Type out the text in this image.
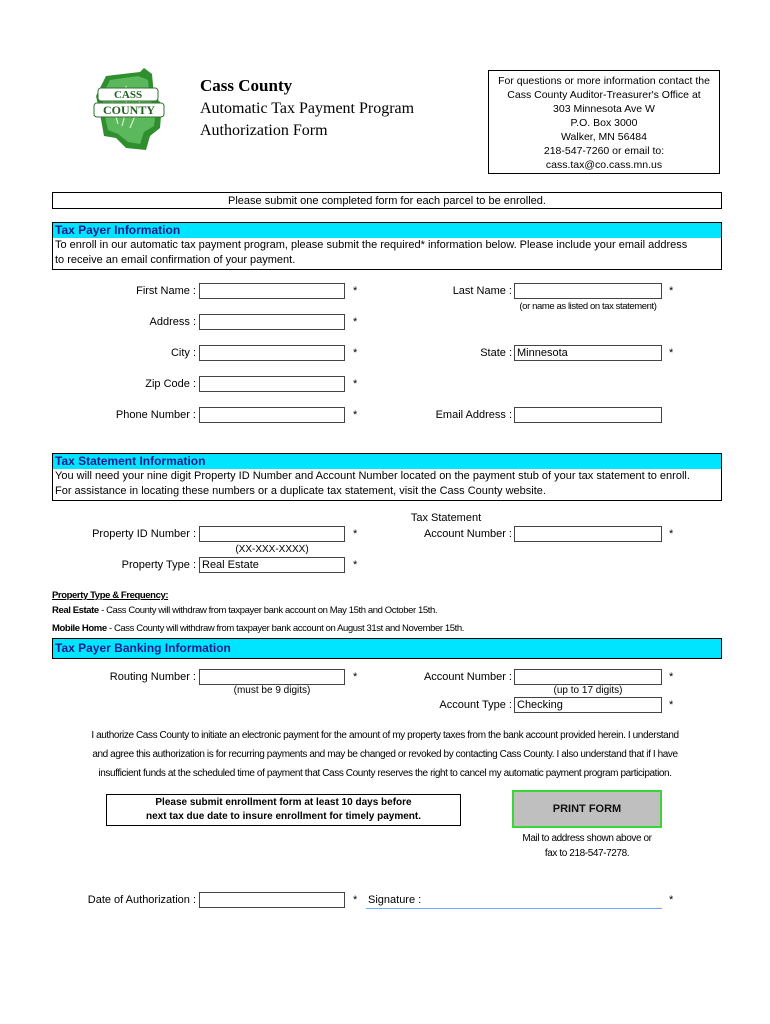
CASS
COUNTY
Cass County
Automatic Tax Payment Program
Authorization Form
For questions or more information contact the
Cass County Auditor-Treasurer's Office at
303 Minnesota Ave W
P.O. Box 3000
Walker, MN 56484
218-547-7260 or email to:
cass.tax@co.cass.mn.us
Please submit one completed form for each parcel to be enrolled.
Tax Payer Information
To enroll in our automatic tax payment program, please submit the required* information below. Please include your email address
to receive an email confirmation of your payment.
First Name :	*	Last Name :	*
(or name as listed on tax statement)
Address :	*
City :	*	State : Minnesota	*
Zip Code :	*
Phone Number :	*	Email Address :
Tax Statement Information
You will need your nine digit Property ID Number and Account Number located on the payment stub of your tax statement to enroll.
For assistance in locating these numbers or a duplicate tax statement, visit the Cass County website.
Property ID Number :	*
(XX-XXX-XXXX)
Tax Statement
Account Number :	*
Property Type : Real Estate	*
Property Type & Frequency:
Real Estate - Cass County will withdraw from taxpayer bank account on May 15th and October 15th.
Mobile Home - Cass County will withdraw from taxpayer bank account on August 31st and November 15th.
Tax Payer Banking Information
Routing Number :	*
(must be 9 digits)
Account Number :	*
(up to 17 digits)
Account Type : Checking	*
I authorize Cass County to initiate an electronic payment for the amount of my property taxes from the bank account provided herein. I understand
and agree this authorization is for recurring payments and may be changed or revoked by contacting Cass County. I also understand that if I have
insufficient funds at the scheduled time of payment that Cass County reserves the right to cancel my automatic payment program participation.
Please submit enrollment form at least 10 days before
next tax due date to insure enrollment for timely payment.
PRINT FORM
Mail to address shown above or
fax to 218-547-7278.
Date of Authorization :	* Signature :	*
